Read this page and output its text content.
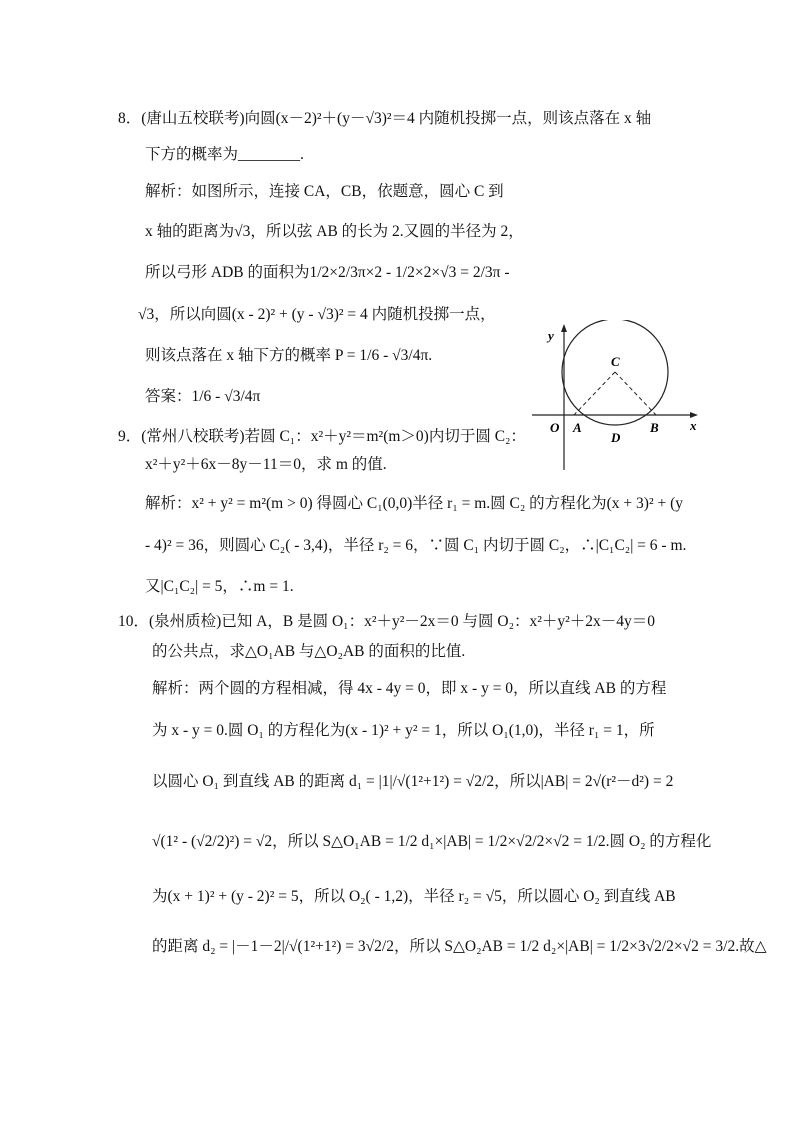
8．(唐山五校联考)向圆(x－2)²＋(y－√3)²＝4 内随机投掷一点，则该点落在 x 轴
下方的概率为________.
解析：如图所示，连接 CA，CB，依题意，圆心 C 到
x 轴的距离为√3，所以弦 AB 的长为 2.又圆的半径为 2，
所以弓形 ADB 的面积为1/2×2/3π×2 - 1/2×2×√3 = 2/3π -
√3，所以向圆(x - 2)² + (y - √3)² = 4 内随机投掷一点，
则该点落在 x 轴下方的概率 P = 1/6 - √3/4π.
答案：1/6 - √3/4π
9．(常州八校联考)若圆 C₁：x²＋y²＝m²(m＞0)内切于圆 C₂：
x²＋y²＋6x－8y－11＝0，求 m 的值.
解析：x² + y² = m²(m > 0) 得圆心 C₁(0,0)半径 r₁ = m.圆 C₂ 的方程化为(x + 3)² + (y
- 4)² = 36，则圆心 C₂( - 3,4)，半径 r₂ = 6，∵圆 C₁ 内切于圆 C₂，∴|C₁C₂| = 6 - m.
又|C₁C₂| = 5，∴m = 1.
10．(泉州质检)已知 A，B 是圆 O₁：x²＋y²－2x＝0 与圆 O₂：x²＋y²＋2x－4y＝0
的公共点，求△O₁AB 与△O₂AB 的面积的比值.
解析：两个圆的方程相减，得 4x - 4y = 0，即 x - y = 0，所以直线 AB 的方程
为 x - y = 0.圆 O₁ 的方程化为(x - 1)² + y² = 1，所以 O₁(1,0)，半径 r₁ = 1，所
以圆心 O₁ 到直线 AB 的距离 d₁ = |1|/√(1²+1²) = √2/2，所以|AB| = 2√(r²－d²) = 2
√(1² - (√2/2)²) = √2，所以 S△O₁AB = 1/2 d₁×|AB| = 1/2×√2/2×√2 = 1/2.圆 O₂ 的方程化
为(x + 1)² + (y - 2)² = 5，所以 O₂( - 1,2)，半径 r₂ = √5，所以圆心 O₂ 到直线 AB
的距离 d₂ = |－1－2|/√(1²+1²) = 3√2/2，所以 S△O₂AB = 1/2 d₂×|AB| = 1/2×3√2/2×√2 = 3/2.故△
y
x
O A	B
C
D
